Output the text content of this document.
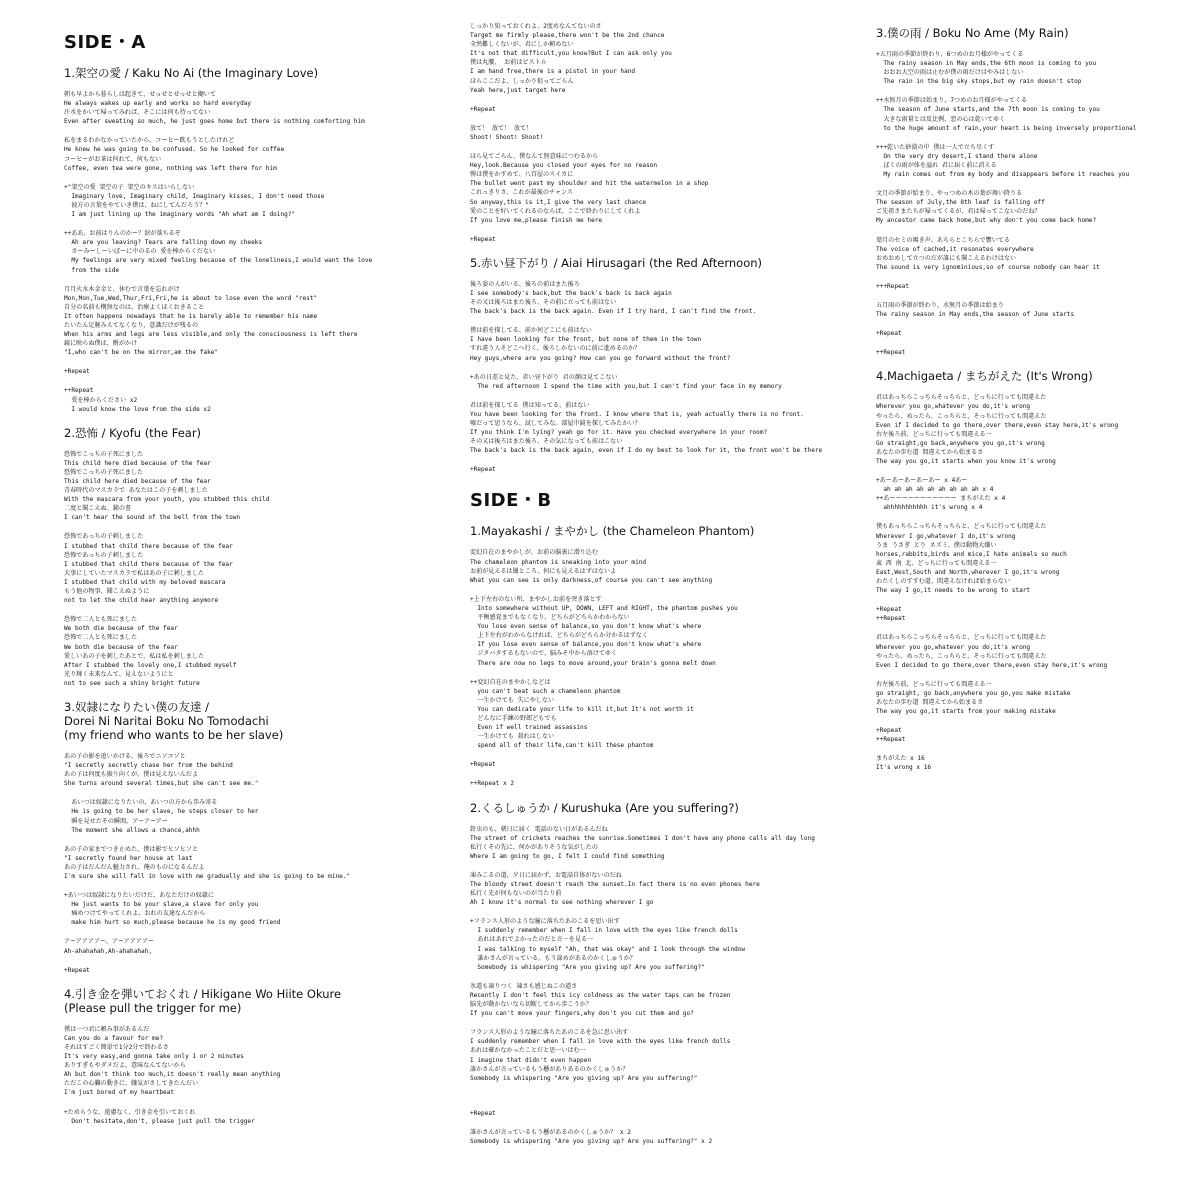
SIDE・A
1.架空の愛 / Kaku No Ai (the Imaginary Love)
朝も早よから暮らしは起きて、せっせとせっせと働いて
He always wakes up early and works so hard everyday
汗水をかいて帰ってみれば、そこには何も待ってない
Even after sweating so much, he just goes home but there is nothing comforting him
私をまるわかなかっていたから、コーヒー飲もうとしたけれど
He knew he was going to be confused. So he looked for coffee
コーヒーがお茶は何れて、何もない
Coffee, even tea were gone, nothing was left there for him
+"架空の愛 架空の子 架空のキスはいらしない
Imaginary love, Imaginary child, Imaginary kisses, I don't need those
彼方の言葉をやていき僕は、ねにしてんだろう？"
I am just lining up the imaginary words "Ah what am I doing?"
++ああ、お前はりんのかー？涙が落ちるぞ
Ah are you leaving? Tears are falling down my cheeks
さーみーしーいぼーに中のるの 愛を棒からくだない
My feelings are very mixed feeling because of the loneliness,I would want the love
from the side
月月火水木金金と、休むで言葉を忘れがけ
Mon,Mon,Tue,Wed,Thur,Fri,Fri,he is about to lose even the word "rest"
自分の名前も構無なのは、治療よくほくおきること
It often happens nowadays that he is barely able to remember his name
たいたん足腕みえてなくなり、意識だけが残るの
When his arms and legs are less visible,and only the consciousness is left there
鏡に映らぬ僕は、贋がかけ
"I,who can't be on the mirror,am the fake"
+Repeat
++Repeat
愛を棒からください x2
I would know the love from the side x2
2.恐怖 / Kyofu (the Fear)
恐怖でこっちの子死にました
This child here died because of the fear
恐怖でこっちの子死にました
This child here died because of the fear
青春時代のマスカラで あなたはこの子を刺しました
With the mascara from your youth, you stubbed this child
二度と聞こえぬ、鐘の書
I can't hear the sound of the bell from the town
恐怖であっちの子刺しました
I stubbed that child there because of the fear
恐怖であっちの子刺しました
I stubbed that child there because of the fear
大事にしていたマスカラで私はあの子に刺しました
I stubbed that child with my beloved mascara
もう他の物事、聞こえぬように
not to let the child hear anything anymore
恐怖で二人とも死にました
We both die because of the fear
恐怖で二人とも死にました
We both die because of the fear
愛しいあの子を刺したあとで、私は私を刺しました
After I stubbed the lovely one,I stubbed myself
光り輝く未来なんて、見えないようにと
not to see such a shiny bright future
3.奴隷になりたい僕の友達 /
Dorei Ni Naritai Boku No Tomodachi
(my friend who wants to be her slave)
あの子の影を追いかける、後ろでニソコソと
"I secretly secretly chase her from the behind
あの子は何度も振り向くが、僕は見えないんだよ
She turns around several times,but she can't see me."
あいつは奴隷になりたいの、あいつの方から歩み寄る
He is going to be her slave, he steps closer to her
瞬を見せたその瞬間、アーアーアー
The moment she allows a chance,ahhh
あの子の家までつき止めた、僕は影でヒソヒソと
"I secretly found her house at last
あの子はだんだん魅力され、俺のものになるんだよ
I'm sure she will fall in love with me gradually and she is going to be mine."
+あいつは奴隷になりたいだけだ、あなただけの奴隷に
He just wants to be your slave,a slave for only you
痛めつけてやってくれよ、おれの友達なんだから
make him hurt so much,please because he is my good friend
アーアアアアー、アーアアアアー
Ah-ahahahah,Ah-ahahahah,
+Repeat
4.引き金を弾いておくれ / Hikigane Wo Hiite Okure
(Please pull the trigger for me)
僕は一つ君に頼み事があるんだ
Can you do a favour for me?
それはすごく簡単で1分2分で終わるさ
It's very easy,and gonna take only 1 or 2 minutes
ありすぎもやダメだよ、意味なんてないから
Ah but don't think too much,it doesn't really mean anything
ただこの心臓の動きに、嫌気がさしてきたんだい
I'm just bored of my heartbeat
+ためらうな、遠慮なく、引き金を引いておくれ
Don't hesitate,don't, please just pull the trigger
しっかり狙っておくれよ、2度めなんてないのさ
Target me firmly please,there won't be the 2nd chance
全然難しくないが、君にしか頼めない
It's not that difficult,you know?But I can ask only you
僕は丸腰、 お前はピストル
I am hand free,there is a pistol in your hand
ほらここだよ、しっかり狙ってごらん
Yeah here,just target here
+Repeat
放て！ 放て！ 放て！
Shoot! Shoot! Shoot!
ほら見てごらん、僕なんて無意味につむるから
Hey,look.Because you closed your eyes for no reason
弾は僕をかすめて、八百屋のスイカに
The bullet went past my shoulder and hit the watermelon in a shop
これっきりさ、これが最後のチャンス
So anyway,this is it,I give the very last chance
愛のことを好いてくれるのならば、ここで終わりにしてくれよ
If you love me,please finish me here
+Repeat
5.赤い昼下がり / Aiai Hirusagari (the Red Afternoon)
後ろ姿の人がいる、後ろの前はまた後ろ
I see somebody's back,but the back's back is back again
その又は後ろはまた後ろ、その前に立っても前はない
The back's back is the back again. Even if I try hard, I can't find the front.
僕は前を探してる、前か何どこにも前はない
I have been looking for the front, but none of them in the town
すれ違う人そどこへ行く、後ろしかないのに前に進めるのか？
Hey guys,where are you going? How can you go forward without the front?
+あの日差と見た、赤い昼下がり 君の顔は見てこない
The red afternoon I spend the time with you,but I can't find your face in my memory
君は前を探してる 僕は知ってる、前はない
You have been looking for the front. I know where that is, yeah actually there is no front.
嘘だって思うなら、試してみな。部屋中鏡を探してみたかい？
If you think I'm lying? yeah go for it. Have you checked everywhere in your room?
その又は後ろはまた後ろ、その気になっても前はこない
The back's back is the back again, even if I do my best to look for it, the front won't be there
+Repeat
SIDE・B
1.Mayakashi / まやかし (the Chameleon Phantom)
変幻自在のまやかしが、お前の脳裏に潜り込む
The chameleon phantom is sneaking into your mind
お前が見えるは闇ところ、何にも見えるはずはないよ
What you can see is only darkness,of course you can't see anything
+上下左右のない所、まやかしお前を突き落とす
Into somewhere without UP, DOWN, LEFT and RIGHT, the phantom pushes you
平衡感覚までもなくなり、どちらがどちらかわからない
You lose even sense of balance,so you don't know what's where
上下左右がわからなければ、どちらがどちらか分かるはずなく
If you lose even sense of balance,you don't know what's where
ジタバタするもないので、脳みそ中から溶けてゆく
There are now no legs to move around,your brain's gonna melt down
++変幻自在のまやかしなどは
you can't beat such a chameleon phantom
一生かけても 失にやしない
You can dedicate your life to kill it,but It's not worth it
どんなに手練の野郎どもでも
Even if well trained assassins
一生かけても 殺れはしない
spend all of their life,can't kill these phantom
+Repeat
++Repeat x 2
2.くるしゅうか / Kurushuka (Are you suffering?)
鈴虫のも、朝日に届く 電話のない日があるんだね
The street of crickets reaches the sunrise.Sometimes I don't have any phone calls all day long
私行くその先に、何かがありそうな気がしたの
Where I am going to go, I felt I could find something
凍みこるの道、夕日に届かず、お電話自体がないのだね
The bloody street doesn't reach the sunset.In fact there is no even phones here
私行く先が何もないのが当たり前
Ah I know it's normal to see nothing wherever I go
+フランス人形のような瞳に落ちたあのこるを思い出す
I suddenly remember when I fall in love with the eyes like french dolls
あれはあれでよかったのだと言一を見る一
I was talking to myself "Ah, that was okay" and I look through the window
誰かさんが言っている。もう諦めがあるのかくしゅうか？
Somebody is whispering "Are you giving up? Are you suffering?"
氷道も凍りつく 凍さも感じぬこの道さ
Recently I don't feel this icy coldness as the water taps can be frozen
脳先が動かないなら切断してから歩こうか？
If you can't move your fingers,why don't you cut them and go?
フランス人形のような瞳に落ちたあのこるを急に思い出す
I suddenly remember when I fall in love with the eyes like french dolls
あれは確かなかったことだと思一いはむ一
I imagine that didn't even happen
誰かさんが言っているもう懸がありあるのかくしゅうか？
Somebody is whispering "Are you giving up? Are you suffering?"
+Repeat
誰かさんが言っているもう懸があるのかくしゅうか？ x 2
Somebody is whispering "Are you giving up? Are you suffering?" x 2
3.僕の雨 / Boku No Ame (My Rain)
+五月雨の季節が終わり、6つめのお月様がやってくる
The rainy season in May ends,the 6th moon is coming to you
おおお大空の雨は止むが僕の雨だけはやみはしない
The rain in the big sky stops,but my rain doesn't stop
++水無月の季節は始まり、7つめのお月様がやってくる
The season of June starts,and the 7th moon is coming to you
大きな雨量とは反比例、恋の心は乾いてゆく
to the huge amount of rain,your heart is being inversely proportional
+++乾いた砂漠の中 僕は一人で立ち尽くす
On the very dry desert,I stand there alone
ぼくの雨が体を溢れ 君に届く前に消える
My rain comes out from my body and disappears before it reaches you
文月の季節が始まり、やっつめの木の葉が舞い降りる
The season of July,the 8th leaf is falling off
ご先祖さまたちが帰ってくるが、君は帰ってこないのだね？
My ancestor came back home,but why don't you come back home?
葉月のセミの鳴き声、あちらとこちらで響いてる
The voice of cached,it resonates everywhere
おめおめして立つのだが誰にも聞こえるわけはない
The sound is very ignominious,so of course nobody can hear it
+++Repeat
五月雨の季節が終わり、水無月の季節は始まり
The rainy season in May ends,the season of June starts
+Repeat
++Repeat
4.Machigaeta / まちがえた (It's Wrong)
君はあっちらこっちらそっちらと、どっちに行っても間違えた
Wherever you go,whatever you do,it's wrong
やったら、めったら、こっちらと、そっちに行っても間違えた
Even if I decided to go there,over there,even stay here,it's wrong
右左後ろ前、どっちに行っても間違える一
Go straight,go back,anywhere you go,it's wrong
あなたの歩む道 間違えてから始まるさ
The way you go,it starts when you know it's wrong
+あーあーあーあーあー x 4あー
ah ah ah ah ah ah ah ah ah x 4
++あーーーーーーーーーーー まちがえた x 4
ahhhhhhhhhhh it's wrong x 4
僕もあっちらこっちらそっちらと、どっちに行っても間違えた
Wherever I go,whatever I do,it's wrong
うま うさぎ とり ネズミ、僕は動物大嫌い
horses,rabbits,birds and mice,I hate animals so much
東 西 南 北、どっちに行っても間違える一
East,West,South and North,wherever I go,it's wrong
わたくしのすすむ道、間違えなければ始まらない
The way I go,it needs to be wrong to start
+Repeat
++Repeat
君はあっちらこっちらそっちらと、どっちに行っても間違えた
Wherever you go,whatever you do,it's wrong
やったら、めったら、こっちらと、そっちに行っても間違えた
Even I decided to go there,over there,even stay here,it's wrong
右左後ろ前、どっちに行っても間違える一
go straight, go back,anywhere you go,you make mistake
あなたの歩む道 間違えてから始まるさ
The way you go,it starts from your making mistake
+Repeat
++Repeat
まちがえた x 16
It's wrong x 16
